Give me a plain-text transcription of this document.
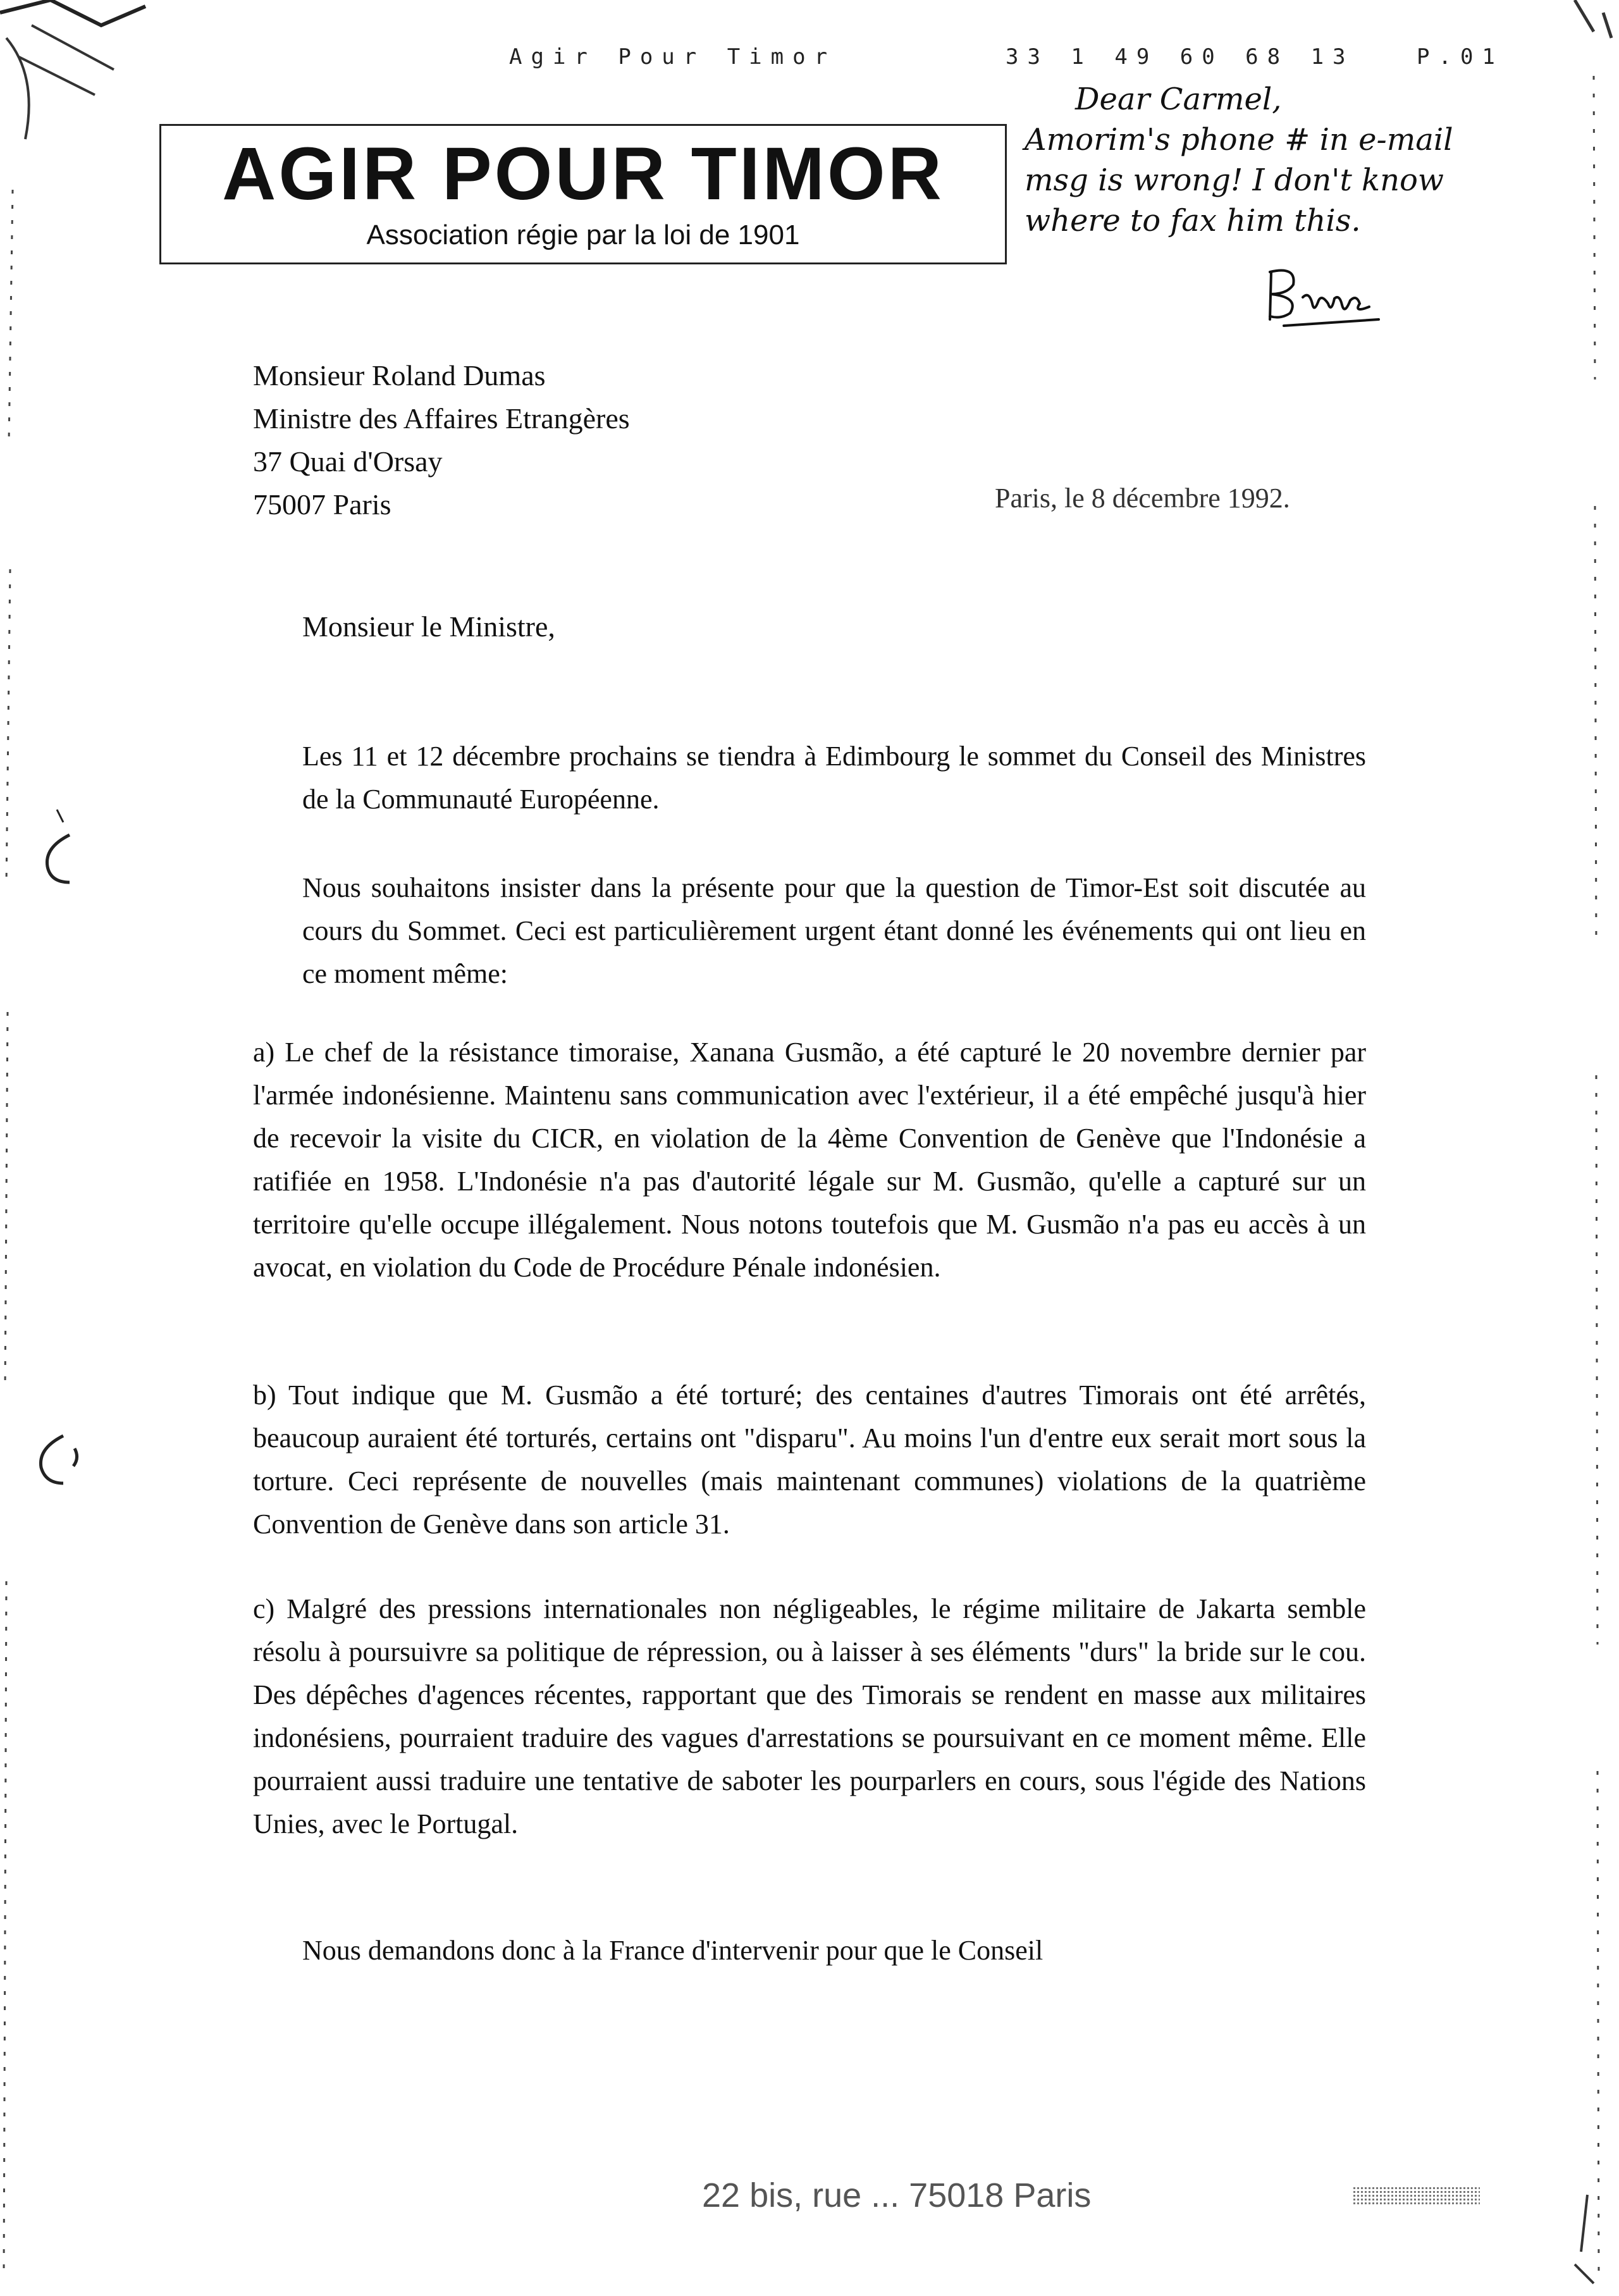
Agir Pour Timor	33 1 49 60 68 13	P.01
AGIR POUR TIMOR
Association régie par la loi de 1901
Dear Carmel,
Amorim's phone # in e-mail
msg is wrong! I don't know
where to fax him this.
Monsieur Roland Dumas
Ministre des Affaires Etrangères
37 Quai d'Orsay
75007 Paris	Paris, le 8 décembre 1992.
Monsieur le Ministre,
Les 11 et 12 décembre prochains se tiendra à Edimbourg le sommet du Conseil des Ministres de la Communauté Européenne.
Nous souhaitons insister dans la présente pour que la question de Timor-Est soit discutée au cours du Sommet. Ceci est particulièrement urgent étant donné les événements qui ont lieu en ce moment même:
a) Le chef de la résistance timoraise, Xanana Gusmão, a été capturé le 20 novembre dernier par l'armée indonésienne. Maintenu sans communication avec l'extérieur, il a été empêché jusqu'à hier de recevoir la visite du CICR, en violation de la 4ème Convention de Genève que l'Indonésie a ratifiée en 1958. L'Indonésie n'a pas d'autorité légale sur M. Gusmão, qu'elle a capturé sur un territoire qu'elle occupe illégalement. Nous notons toutefois que M. Gusmão n'a pas eu accès à un avocat, en violation du Code de Procédure Pénale indonésien.
b) Tout indique que M. Gusmão a été torturé; des centaines d'autres Timorais ont été arrêtés, beaucoup auraient été torturés, certains ont "disparu". Au moins l'un d'entre eux serait mort sous la torture. Ceci représente de nouvelles (mais maintenant communes) violations de la quatrième Convention de Genève dans son article 31.
c) Malgré des pressions internationales non négligeables, le régime militaire de Jakarta semble résolu à poursuivre sa politique de répression, ou à laisser à ses éléments "durs" la bride sur le cou. Des dépêches d'agences récentes, rapportant que des Timorais se rendent en masse aux militaires indonésiens, pourraient traduire des vagues d'arrestations se poursuivant en ce moment même. Elle pourraient aussi traduire une tentative de saboter les pourparlers en cours, sous l'égide des Nations Unies, avec le Portugal.
Nous demandons donc à la France d'intervenir pour que le Conseil
22 bis, rue ... 75018 Paris
